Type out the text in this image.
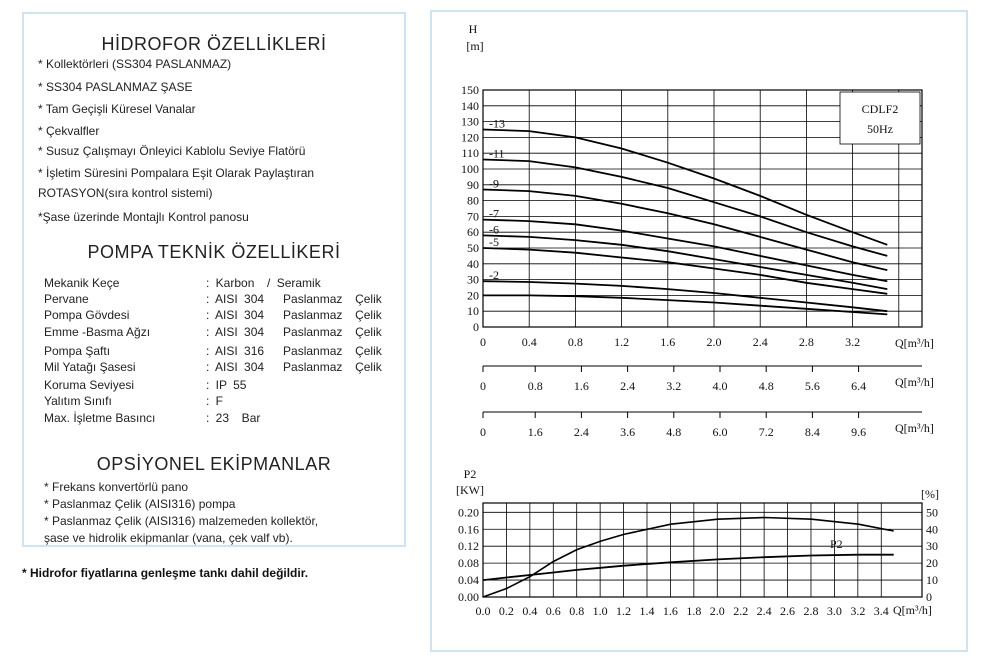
HİDROFOR ÖZELLİKLERİ
* Kollektörleri (SS304 PASLANMAZ)
* SS304 PASLANMAZ ŞASE
* Tam Geçişli Küresel Vanalar
* Çekvalfler
* Susuz Çalışmayı Önleyici Kablolu Seviye Flatörü
* İşletim Süresini Pompalara Eşit Olarak Paylaştıran
ROTASYON(sıra kontrol sistemi)
*Şase üzerinde Montajlı Kontrol panosu
POMPA TEKNİK ÖZELLİKERİ
Mekanik Keçe	: Karbon  / Seramik
Pervane	: AISI 304   Paslanmaz  Çelik
Pompa Gövdesi	: AISI 304   Paslanmaz  Çelik
Emme -Basma Ağzı	: AISI 304   Paslanmaz  Çelik
Pompa Şaftı	: AISI 316   Paslanmaz  Çelik
Mil Yatağı Şasesi	: AISI 304   Paslanmaz  Çelik
Koruma Seviyesi	: IP 55
Yalıtım Sınıfı	: F
Max. İşletme Basıncı	: 23  Bar
OPSİYONEL EKİPMANLAR
* Frekans konvertörlü pano
* Paslanmaz Çelik (AISI316) pompa
* Paslanmaz Çelik (AISI316) malzemeden kollektör,
şase ve hidrolik ekipmanlar (vana, çek valf vb).
* Hidrofor fiyatlarına genleşme tankı dahil değildir.
0
10
20
30
40
50
60
70
80
90
100
110
120
130
140
150
0	0.4	0.8	1.2	1.6	2.0	2.4	2.8	3.2
H
[m]
Q[m³/h]
CDLF2
50Hz
-13
-11
-9
-7
-6
-5
-2
0	0.8	1.6	2.4	3.2	4.0	4.8	5.6	6.4 Q[m³/h]
0	1.6	2.4	3.6	4.8	6.0	7.2	8.4	9.6 Q[m³/h]
0.00
0.04
0.08
0.12
0.16
0.20
0
10
20
30
40
50
0.0 0.2 0.4 0.6 0.8 1.0 1.2 1.4 1.6 1.8 2.0 2.2 2.4 2.6 2.8 3.0 3.2 3.4
P2
[KW]	[%]
Q[m³/h]
P2
